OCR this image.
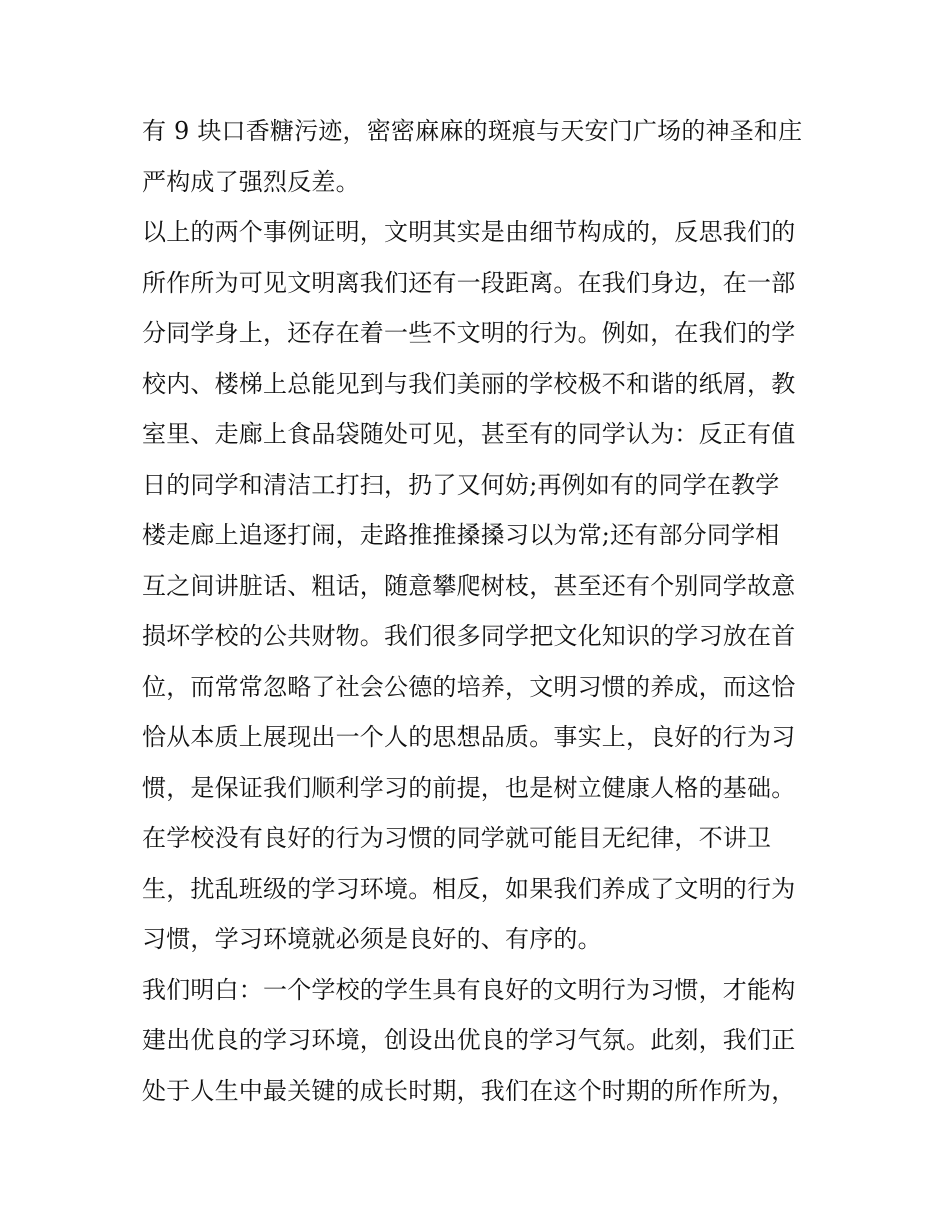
有 9 块口香糖污迹，密密麻麻的斑痕与天安门广场的神圣和庄
严构成了强烈反差。
以上的两个事例证明，文明其实是由细节构成的，反思我们的
所作所为可见文明离我们还有一段距离。在我们身边，在一部
分同学身上，还存在着一些不文明的行为。例如，在我们的学
校内、楼梯上总能见到与我们美丽的学校极不和谐的纸屑，教
室里、走廊上食品袋随处可见，甚至有的同学认为：反正有值
日的同学和清洁工打扫，扔了又何妨;再例如有的同学在教学
楼走廊上追逐打闹，走路推推搡搡习以为常;还有部分同学相
互之间讲脏话、粗话，随意攀爬树枝，甚至还有个别同学故意
损坏学校的公共财物。我们很多同学把文化知识的学习放在首
位，而常常忽略了社会公德的培养，文明习惯的养成，而这恰
恰从本质上展现出一个人的思想品质。事实上，良好的行为习
惯，是保证我们顺利学习的前提，也是树立健康人格的基础。
在学校没有良好的行为习惯的同学就可能目无纪律，不讲卫
生，扰乱班级的学习环境。相反，如果我们养成了文明的行为
习惯，学习环境就必须是良好的、有序的。
我们明白：一个学校的学生具有良好的文明行为习惯，才能构
建出优良的学习环境，创设出优良的学习气氛。此刻，我们正
处于人生中最关键的成长时期，我们在这个时期的所作所为，
